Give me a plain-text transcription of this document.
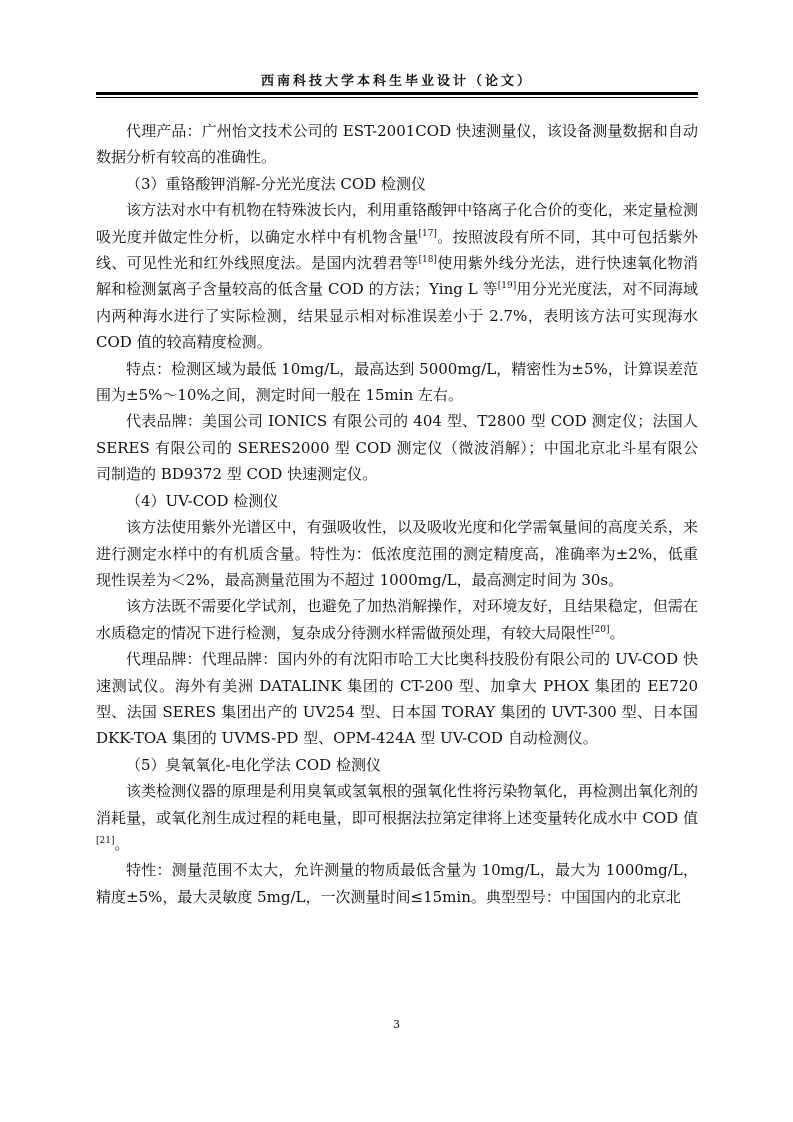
西南科技大学本科生毕业设计（论文）

代理产品：广州怡文技术公司的 EST-2001COD 快速测量仪，该设备测量数据和自动数据分析有较高的准确性。

（3）重铬酸钾消解-分光光度法 COD 检测仪

该方法对水中有机物在特殊波长内，利用重铬酸钾中铬离子化合价的变化，来定量检测吸光度并做定性分析，以确定水样中有机物含量[17]。按照波段有所不同，其中可包括紫外线、可见性光和红外线照度法。是国内沈碧君等[18]使用紫外线分光法，进行快速氧化物消解和检测氯离子含量较高的低含量 COD 的方法；Ying L 等[19]用分光光度法，对不同海域内两种海水进行了实际检测，结果显示相对标准误差小于 2.7%，表明该方法可实现海水 COD 值的较高精度检测。

特点：检测区域为最低 10mg/L，最高达到 5000mg/L，精密性为±5%，计算误差范围为±5%～10%之间，测定时间一般在 15min 左右。

代表品牌：美国公司 IONICS 有限公司的 404 型、T2800 型 COD 测定仪；法国人 SERES 有限公司的 SERES2000 型 COD 测定仪（微波消解）；中国北京北斗星有限公司制造的 BD9372 型 COD 快速测定仪。

（4）UV-COD 检测仪

该方法使用紫外光谱区中，有强吸收性，以及吸收光度和化学需氧量间的高度关系，来进行测定水样中的有机质含量。特性为：低浓度范围的测定精度高，准确率为±2%，低重现性误差为＜2%，最高测量范围为不超过 1000mg/L，最高测定时间为 30s。

该方法既不需要化学试剂，也避免了加热消解操作，对环境友好，且结果稳定，但需在水质稳定的情况下进行检测，复杂成分待测水样需做预处理，有较大局限性[20]。

代理品牌：代理品牌：国内外的有沈阳市哈工大比奥科技股份有限公司的 UV-COD 快速测试仪。海外有美洲 DATALINK 集团的 CT-200 型、加拿大 PHOX 集团的 EE720 型、法国 SERES 集团出产的 UV254 型、日本国 TORAY 集团的 UVT-300 型、日本国 DKK-TOA 集团的 UVMS-PD 型、OPM-424A 型 UV-COD 自动检测仪。

（5）臭氧氧化-电化学法 COD 检测仪

该类检测仪器的原理是利用臭氧或氢氧根的强氧化性将污染物氧化，再检测出氧化剂的消耗量，或氧化剂生成过程的耗电量，即可根据法拉第定律将上述变量转化成水中 COD 值[21]。

特性：测量范围不太大，允许测量的物质最低含量为 10mg/L，最大为 1000mg/L，精度±5%，最大灵敏度 5mg/L，一次测量时间≤15min。典型型号：中国国内的北京北

3
